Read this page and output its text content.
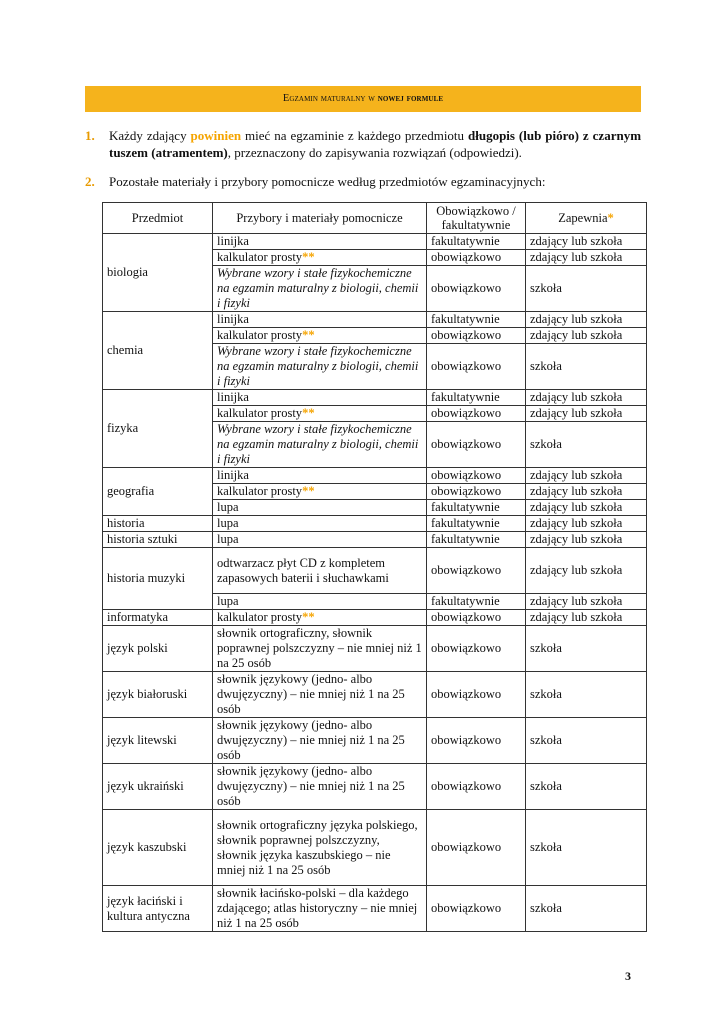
Egzamin maturalny w nowej formule
1. Każdy zdający powinien mieć na egzaminie z każdego przedmiotu długopis (lub pióro) z czarnym tuszem (atramentem), przeznaczony do zapisywania rozwiązań (odpowiedzi).
2. Pozostałe materiały i przybory pomocnicze według przedmiotów egzaminacyjnych:
Przedmiot	Przybory i materiały pomocnicze	Obowiązkowo / fakultatywnie	Zapewnia*
biologia	linijka	fakultatywnie	zdający lub szkoła
	kalkulator prosty**	obowiązkowo	zdający lub szkoła
	Wybrane wzory i stałe fizykochemiczne na egzamin maturalny z biologii, chemii i fizyki	obowiązkowo	szkoła
chemia	linijka	fakultatywnie	zdający lub szkoła
	kalkulator prosty**	obowiązkowo	zdający lub szkoła
	Wybrane wzory i stałe fizykochemiczne na egzamin maturalny z biologii, chemii i fizyki	obowiązkowo	szkoła
fizyka	linijka	fakultatywnie	zdający lub szkoła
	kalkulator prosty**	obowiązkowo	zdający lub szkoła
	Wybrane wzory i stałe fizykochemiczne na egzamin maturalny z biologii, chemii i fizyki	obowiązkowo	szkoła
geografia	linijka	obowiązkowo	zdający lub szkoła
	kalkulator prosty**	obowiązkowo	zdający lub szkoła
	lupa	fakultatywnie	zdający lub szkoła
historia	lupa	fakultatywnie	zdający lub szkoła
historia sztuki	lupa	fakultatywnie	zdający lub szkoła
historia muzyki	odtwarzacz płyt CD z kompletem zapasowych baterii i słuchawkami	obowiązkowo	zdający lub szkoła
	lupa	fakultatywnie	zdający lub szkoła
informatyka	kalkulator prosty**	obowiązkowo	zdający lub szkoła
język polski	słownik ortograficzny, słownik poprawnej polszczyzny – nie mniej niż 1 na 25 osób	obowiązkowo	szkoła
język białoruski	słownik językowy (jedno- albo dwujęzyczny) – nie mniej niż 1 na 25 osób	obowiązkowo	szkoła
język litewski	słownik językowy (jedno- albo dwujęzyczny) – nie mniej niż 1 na 25 osób	obowiązkowo	szkoła
język ukraiński	słownik językowy (jedno- albo dwujęzyczny) – nie mniej niż 1 na 25 osób	obowiązkowo	szkoła
język kaszubski	słownik ortograficzny języka polskiego, słownik poprawnej polszczyzny, słownik języka kaszubskiego – nie mniej niż 1 na 25 osób	obowiązkowo	szkoła
język łaciński i kultura antyczna	słownik łacińsko-polski – dla każdego zdającego; atlas historyczny – nie mniej niż 1 na 25 osób	obowiązkowo	szkoła
3
